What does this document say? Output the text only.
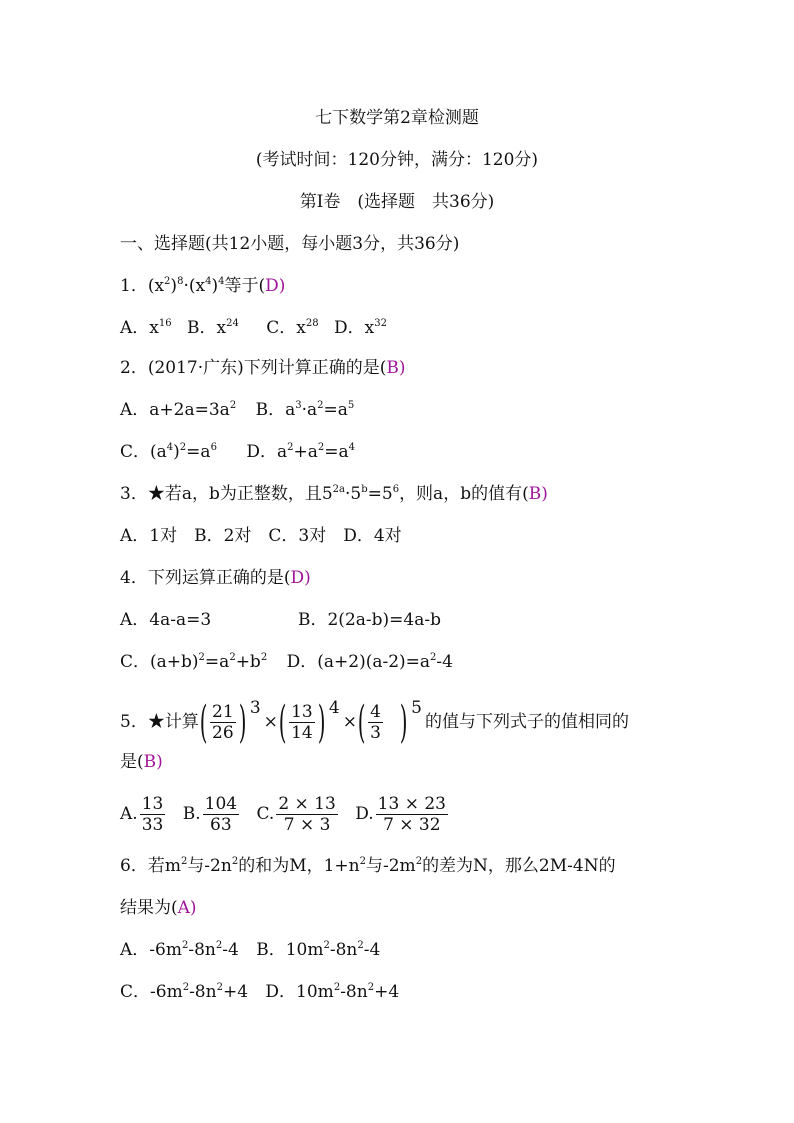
七下数学第2章检测题
(考试时间：120分钟，满分：120分)
第Ⅰ卷　(选择题　共36分)
一、选择题(共12小题，每小题3分，共36分)
1．$(x^2)^8\cdot(x^4)^4$等于(D)
A．$x^{16}$ B．$x^{24}$ C．$x^{28}$ D．$x^{32}$
2．(2017·广东)下列计算正确的是(B)
A．$a+2a=3a^2$ B．$a^3\cdot a^2=a^5$
C．$(a^4)^2=a^6$ D．$a^2+a^2=a^4$
3．★若a，b为正整数，且$5^{2a}\cdot 5^b=5^6$，则a，b的值有(B)
A．1对　B．2对　C．3对　D．4对
4．下列运算正确的是(D)
A．4a-a=3	B．2(2a-b)=4a-b
C．$(a+b)^2=a^2+b^2$ D．$(a+2)(a-2)=a^2-4$
5．★计算( $\frac{21}{26}$ ) $3\times( \frac{13}{14}$ ) $4\times( \frac{4}{3}$ ) 5的值与下列式子的值相同的
是(B)
A. $\frac{13}{33} B$. $\frac{104}{63} C$. $\frac{2 \times 13}{7 \times 3} D$. $\frac{13 \times 23}{7 \times 32}$
6．若$m^2$与$-2n^2$的和为M，$1+n^2$与$-2m^2$的差为N，那么2M-4N的
结果为(A)
A．$-6m^2-8n^2-4$ B．$10m^2-8n^2-4$
C．$-6m^2-8n^2+4$ D．$10m^2-8n^2+4$
